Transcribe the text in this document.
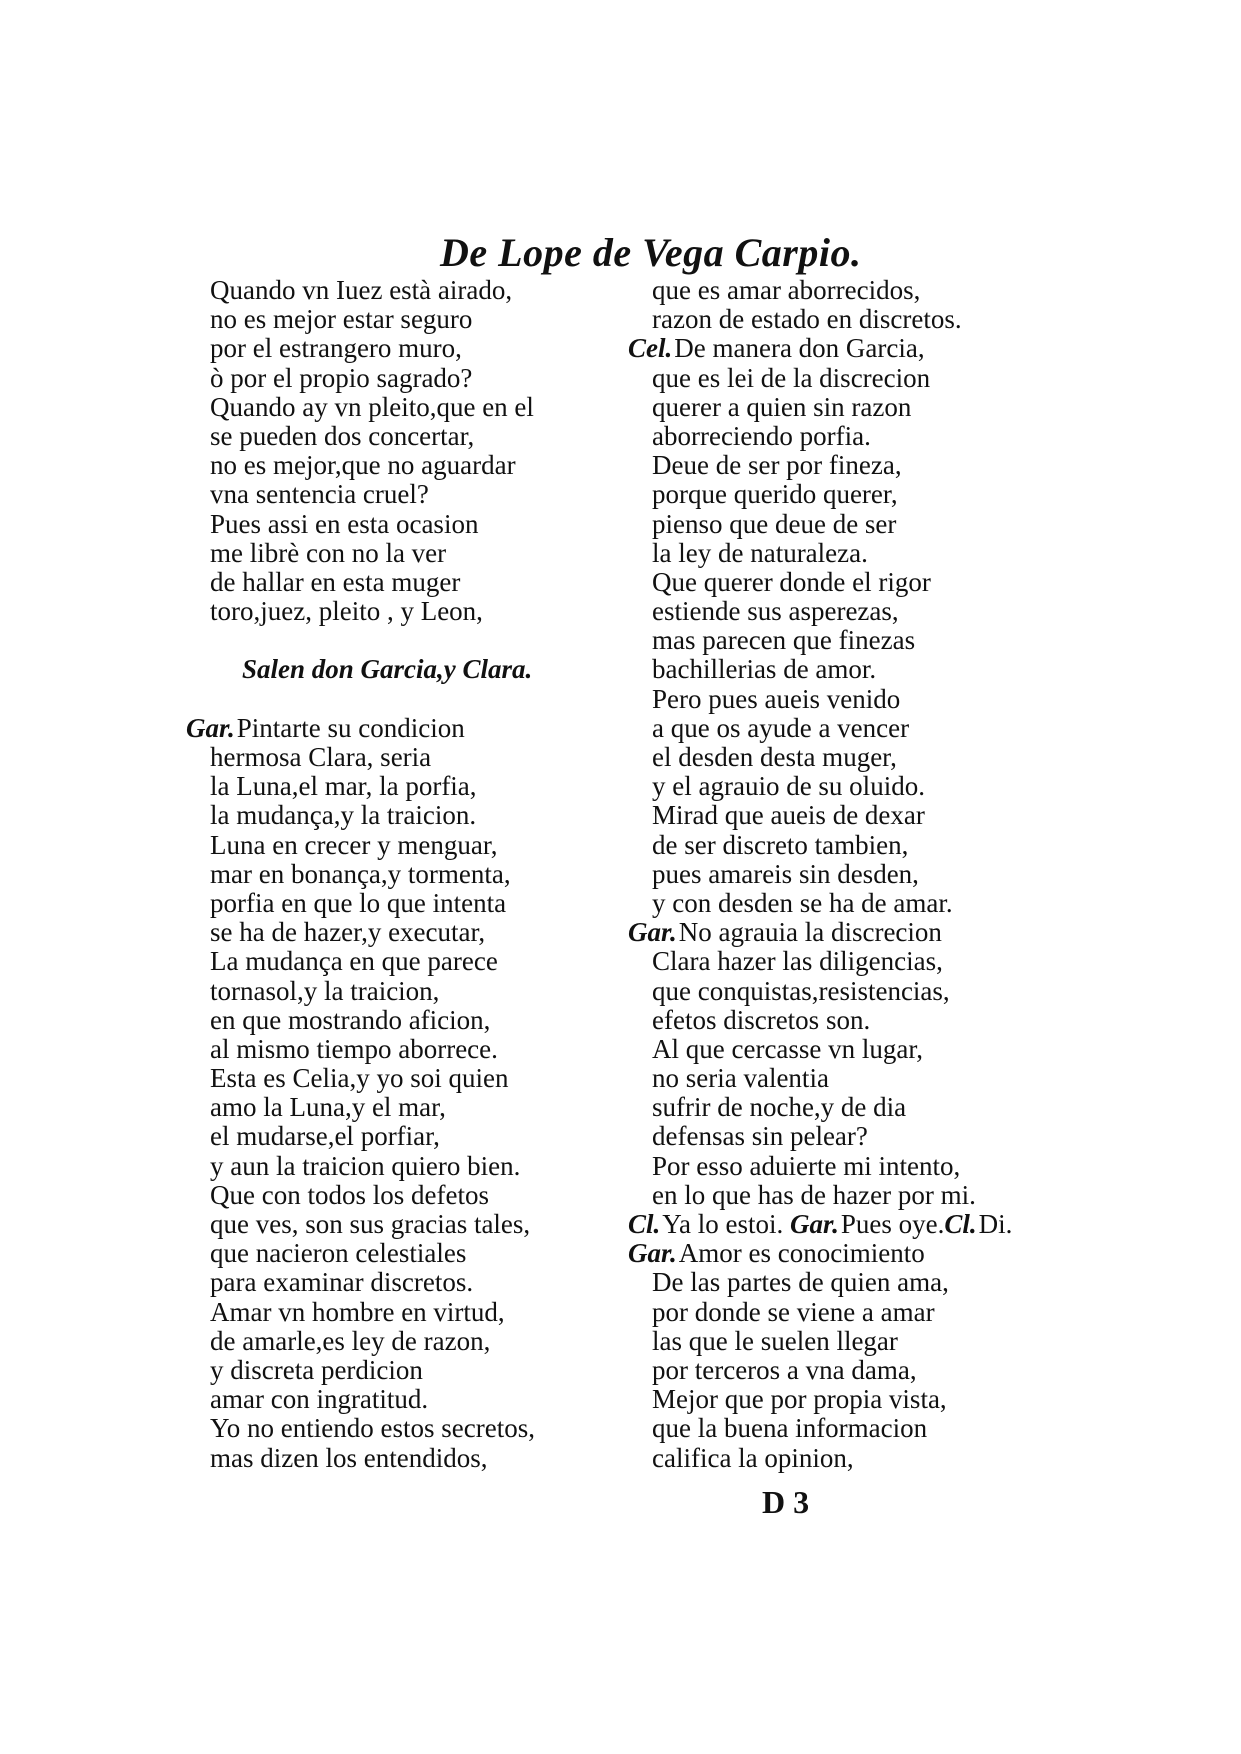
De Lope de Vega Carpio.
Quando vn Iuez està airado,
no es mejor estar seguro
por el estrangero muro,
ò por el propio sagrado?
Quando ay vn pleito,que en el
se pueden dos concertar,
no es mejor,que no aguardar
vna sentencia cruel?
Pues assi en esta ocasion
me librè con no la ver
de hallar en esta muger
toro,juez, pleito , y Leon,
Salen don Garcia,y Clara.
Gar.Pintarte su condicion
hermosa Clara, seria
la Luna,el mar, la porfia,
la mudança,y la traicion.
Luna en crecer y menguar,
mar en bonança,y tormenta,
porfia en que lo que intenta
se ha de hazer,y executar,
La mudança en que parece
tornasol,y la traicion,
en que mostrando aficion,
al mismo tiempo aborrece.
Esta es Celia,y yo soi quien
amo la Luna,y el mar,
el mudarse,el porfiar,
y aun la traicion quiero bien.
Que con todos los defetos
que ves, son sus gracias tales,
que nacieron celestiales
para examinar discretos.
Amar vn hombre en virtud,
de amarle,es ley de razon,
y discreta perdicion
amar con ingratitud.
Yo no entiendo estos secretos,
mas dizen los entendidos,
que es amar aborrecidos,
razon de estado en discretos.
Cel.De manera don Garcia,
que es lei de la discrecion
querer a quien sin razon
aborreciendo porfia.
Deue de ser por fineza,
porque querido querer,
pienso que deue de ser
la ley de naturaleza.
Que querer donde el rigor
estiende sus asperezas,
mas parecen que finezas
bachillerias de amor.
Pero pues aueis venido
a que os ayude a vencer
el desden desta muger,
y el agrauio de su oluido.
Mirad que aueis de dexar
de ser discreto tambien,
pues amareis sin desden,
y con desden se ha de amar.
Gar.No agrauia la discrecion
Clara hazer las diligencias,
que conquistas,resistencias,
efetos discretos son.
Al que cercasse vn lugar,
no seria valentia
sufrir de noche,y de dia
defensas sin pelear?
Por esso aduierte mi intento,
en lo que has de hazer por mi.
Cl.Ya lo estoi. Gar.Pues oye.Cl.Di.
Gar.Amor es conocimiento
De las partes de quien ama,
por donde se viene a amar
las que le suelen llegar
por terceros a vna dama,
Mejor que por propia vista,
que la buena informacion
califica la opinion,
D 3
